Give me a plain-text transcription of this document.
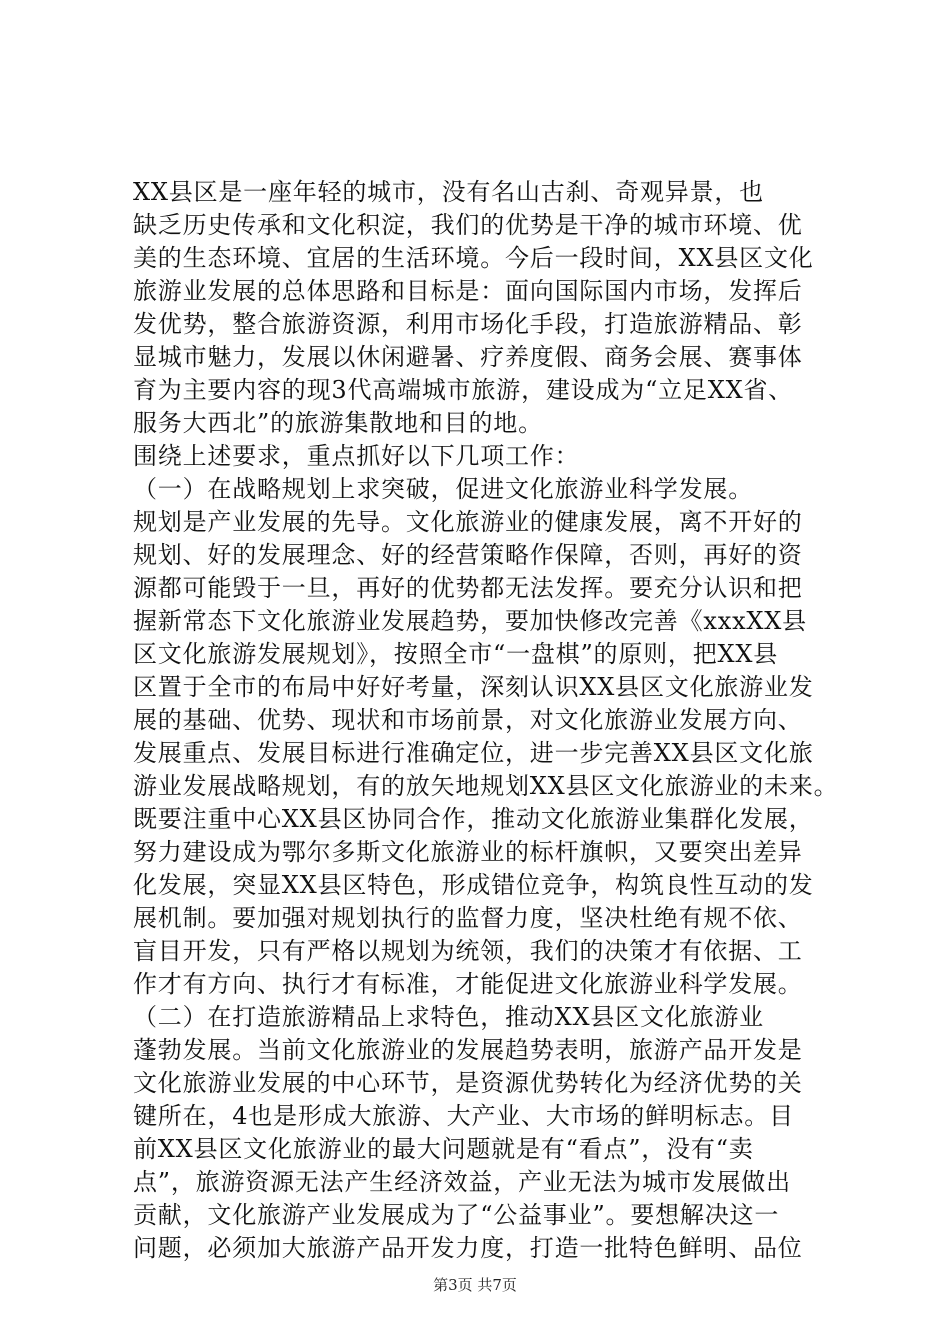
XX县区是一座年轻的城市，没有名山古刹、奇观异景，也
缺乏历史传承和文化积淀，我们的优势是干净的城市环境、优
美的生态环境、宜居的生活环境。今后一段时间，XX县区文化
旅游业发展的总体思路和目标是：面向国际国内市场，发挥后
发优势，整合旅游资源，利用市场化手段，打造旅游精品、彰
显城市魅力，发展以休闲避暑、疗养度假、商务会展、赛事体
育为主要内容的现3代高端城市旅游，建设成为“立足XX省、
服务大西北”的旅游集散地和目的地。
围绕上述要求，重点抓好以下几项工作：
（一）在战略规划上求突破，促进文化旅游业科学发展。
规划是产业发展的先导。文化旅游业的健康发展，离不开好的
规划、好的发展理念、好的经营策略作保障，否则，再好的资
源都可能毁于一旦，再好的优势都无法发挥。要充分认识和把
握新常态下文化旅游业发展趋势，要加快修改完善《xxxXX县
区文化旅游发展规划》，按照全市“一盘棋”的原则，把XX县
区置于全市的布局中好好考量，深刻认识XX县区文化旅游业发
展的基础、优势、现状和市场前景，对文化旅游业发展方向、
发展重点、发展目标进行准确定位，进一步完善XX县区文化旅
游业发展战略规划，有的放矢地规划XX县区文化旅游业的未来。
既要注重中心XX县区协同合作，推动文化旅游业集群化发展，
努力建设成为鄂尔多斯文化旅游业的标杆旗帜，又要突出差异
化发展，突显XX县区特色，形成错位竞争，构筑良性互动的发
展机制。要加强对规划执行的监督力度，坚决杜绝有规不依、
盲目开发，只有严格以规划为统领，我们的决策才有依据、工
作才有方向、执行才有标准，才能促进文化旅游业科学发展。
（二）在打造旅游精品上求特色，推动XX县区文化旅游业
蓬勃发展。当前文化旅游业的发展趋势表明，旅游产品开发是
文化旅游业发展的中心环节，是资源优势转化为经济优势的关
键所在，4也是形成大旅游、大产业、大市场的鲜明标志。目
前XX县区文化旅游业的最大问题就是有“看点”，没有“卖
点”，旅游资源无法产生经济效益，产业无法为城市发展做出
贡献，文化旅游产业发展成为了“公益事业”。要想解决这一
问题，必须加大旅游产品开发力度，打造一批特色鲜明、品位
第3页 共7页
